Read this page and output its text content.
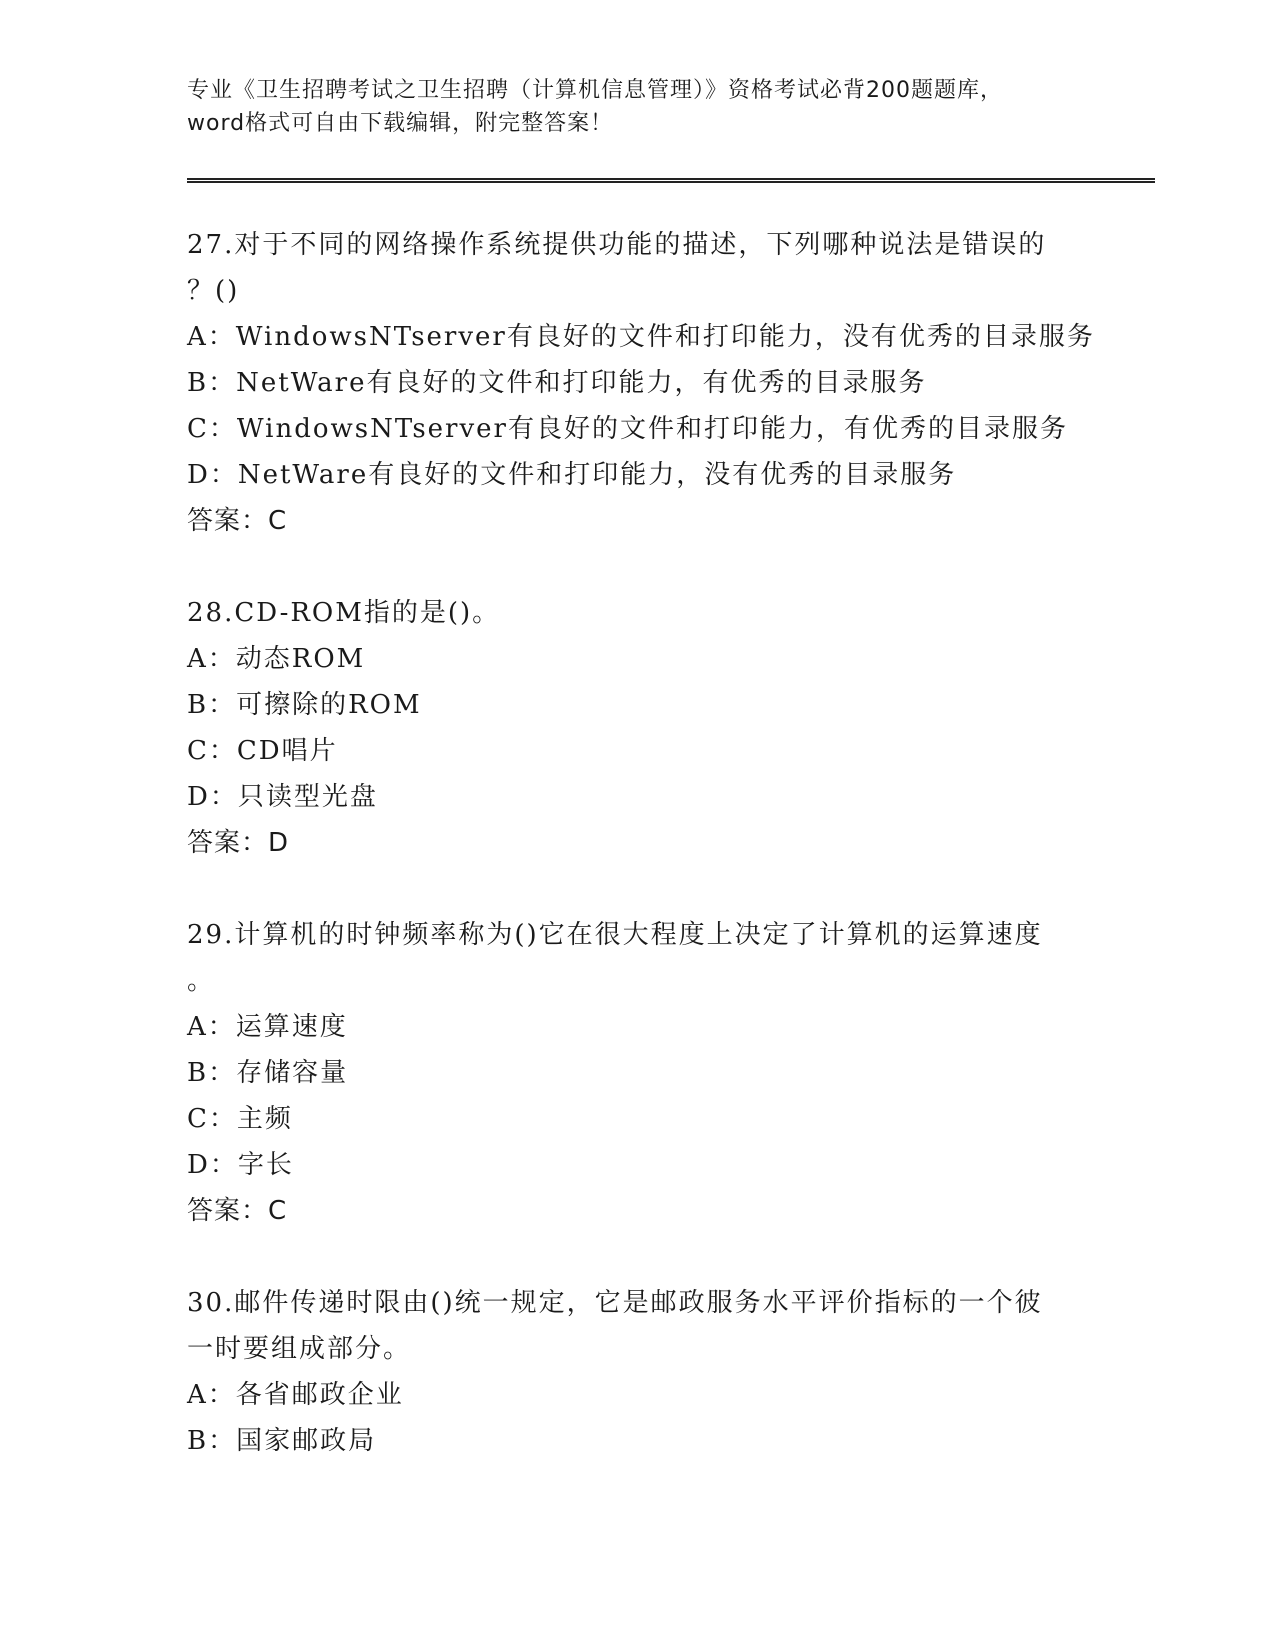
专业《卫生招聘考试之卫生招聘（计算机信息管理）》资格考试必背200题题库，
word格式可自由下载编辑，附完整答案！
27.对于不同的网络操作系统提供功能的描述，下列哪种说法是错误的
？()
A：WindowsNTserver有良好的文件和打印能力，没有优秀的目录服务
B：NetWare有良好的文件和打印能力，有优秀的目录服务
C：WindowsNTserver有良好的文件和打印能力，有优秀的目录服务
D：NetWare有良好的文件和打印能力，没有优秀的目录服务
答案：C
28.CD-ROM指的是()。
A：动态ROM
B：可擦除的ROM
C：CD唱片
D：只读型光盘
答案：D
29.计算机的时钟频率称为()它在很大程度上决定了计算机的运算速度
。
A：运算速度
B：存储容量
C：主频
D：字长
答案：C
30.邮件传递时限由()统一规定，它是邮政服务水平评价指标的一个彼
一时要组成部分。
A：各省邮政企业
B：国家邮政局
